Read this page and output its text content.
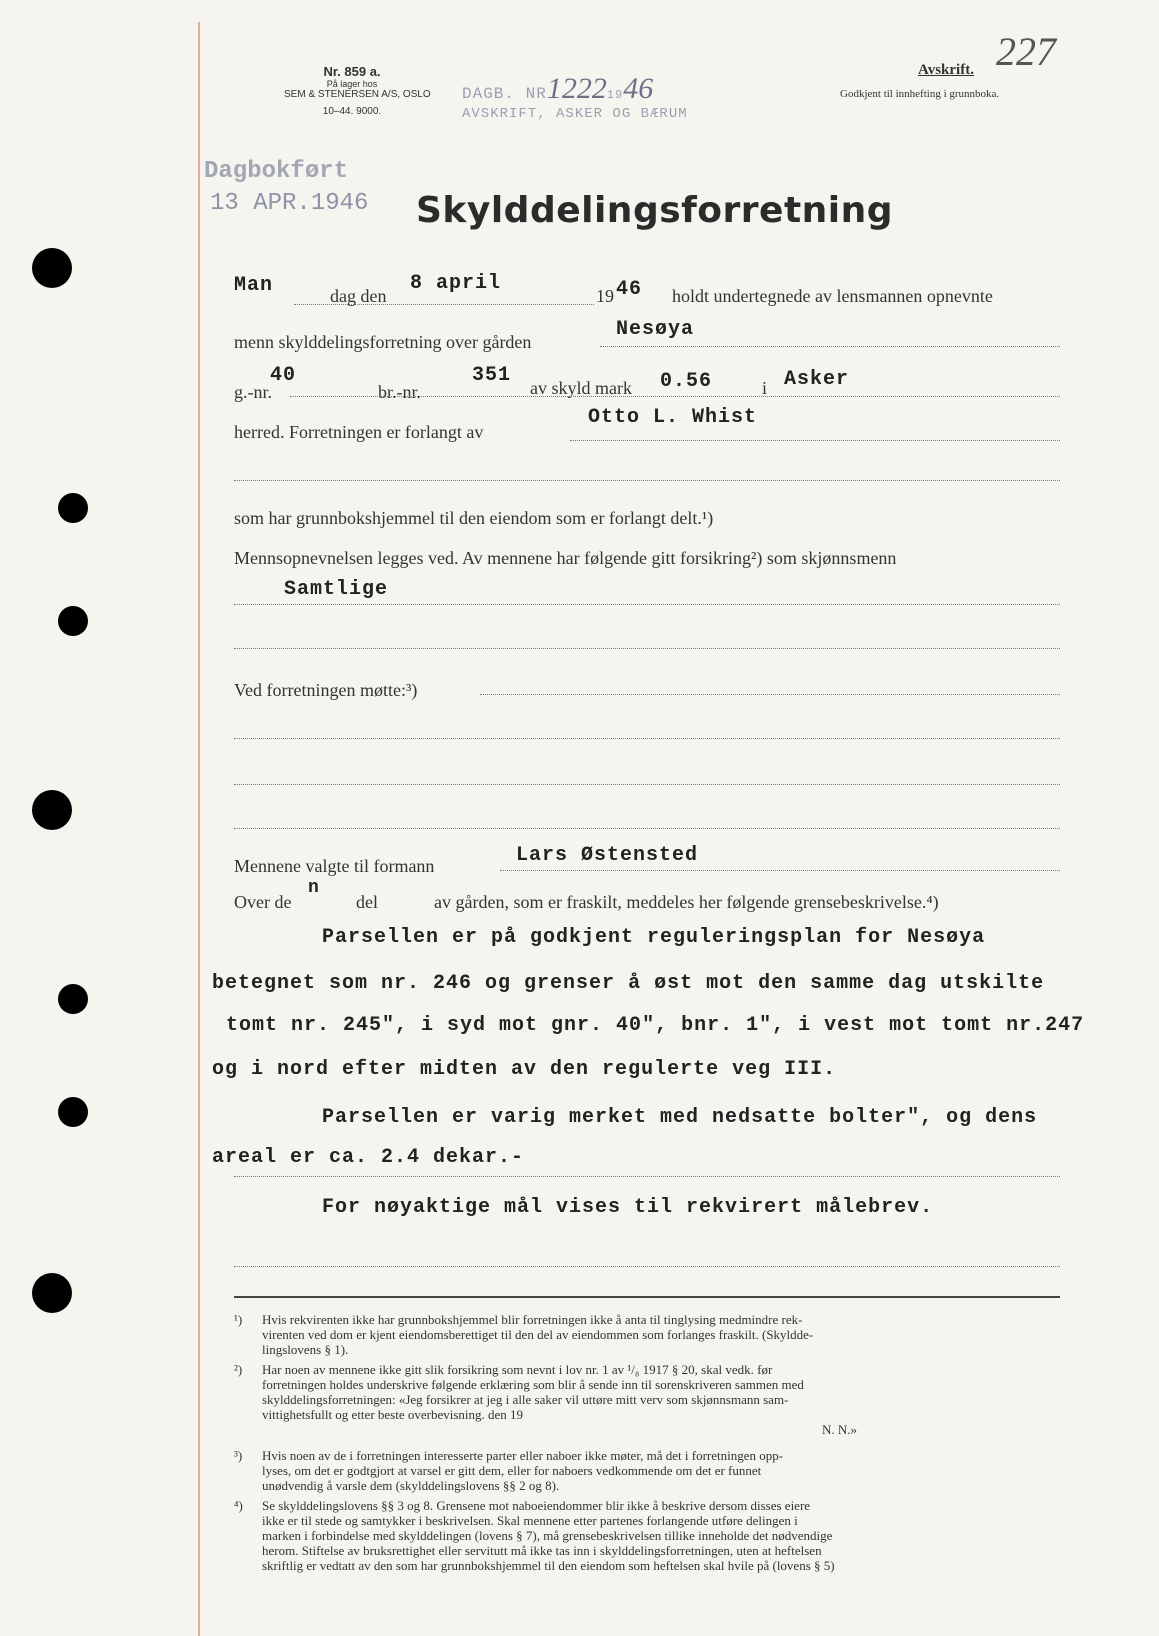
Nr. 859 a.
På lager hos
SEM & STENERSEN A/S, OSLO
10–44. 9000.
DAGB. NR12221946
AVSKRIFT, ASKER OG BÆRUM
Avskrift.
Godkjent til innhefting i grunnboka.
227
Dagbokført
13 APR.1946 Skylddelingsforretning
Man	dag den
8 april
19 46 holdt undertegnede av lensmannen opnevnte
menn skylddelingsforretning over gården
Nesøya
g.-nr.
40
br.-nr.
351
av skyld mark 0.56	i Asker
herred. Forretningen er forlangt av
Otto L. Whist
som har grunnbokshjemmel til den eiendom som er forlangt delt.¹)
Mennsopnevnelsen legges ved. Av mennene har følgende gitt forsikring²) som skjønnsmenn
Samtlige
Ved forretningen møtte:³)
Mennene valgte til formann	Lars Østensted
Over de
n
del	av gården, som er fraskilt, meddeles her følgende grensebeskrivelse.⁴)
Parsellen er på godkjent reguleringsplan for Nesøya
betegnet som nr. 246 og grenser å øst mot den samme dag utskilte
tomt nr. 245", i syd mot gnr. 40", bnr. 1", i vest mot tomt nr.247
og i nord efter midten av den regulerte veg III.
Parsellen er varig merket med nedsatte bolter", og dens
areal er ca. 2.4 dekar.-
For nøyaktige mål vises til rekvirert målebrev.
¹) Hvis rekvirenten ikke har grunnbokshjemmel blir forretningen ikke å anta til tinglysing medmindre rek-
virenten ved dom er kjent eiendomsberettiget til den del av eiendommen som forlanges fraskilt. (Skyldde-
lingslovens § 1).
²) Har noen av mennene ikke gitt slik forsikring som nevnt i lov nr. 1 av ¹/₈ 1917 § 20, skal vedk. før
forretningen holdes underskrive følgende erklæring som blir å sende inn til sorenskriveren sammen med
skylddelingsforretningen: «Jeg forsikrer at jeg i alle saker vil uttøre mitt verv som skjønnsmann sam-
vittighetsfullt og etter beste overbevisning. den 19
N. N.»
³) Hvis noen av de i forretningen interesserte parter eller naboer ikke møter, må det i forretningen opp-
lyses, om det er godtgjort at varsel er gitt dem, eller for naboers vedkommende om det er funnet
unødvendig å varsle dem (skylddelingslovens §§ 2 og 8).
⁴) Se skylddelingslovens §§ 3 og 8. Grensene mot naboeiendommer blir ikke å beskrive dersom disses eiere
ikke er til stede og samtykker i beskrivelsen. Skal mennene etter partenes forlangende utføre delingen i
marken i forbindelse med skylddelingen (lovens § 7), må grensebeskrivelsen tillike inneholde det nødvendige
herom. Stiftelse av bruksrettighet eller servitutt må ikke tas inn i skylddelingsforretningen, uten at heftelsen
skriftlig er vedtatt av den som har grunnbokshjemmel til den eiendom som heftelsen skal hvile på (lovens § 5)
